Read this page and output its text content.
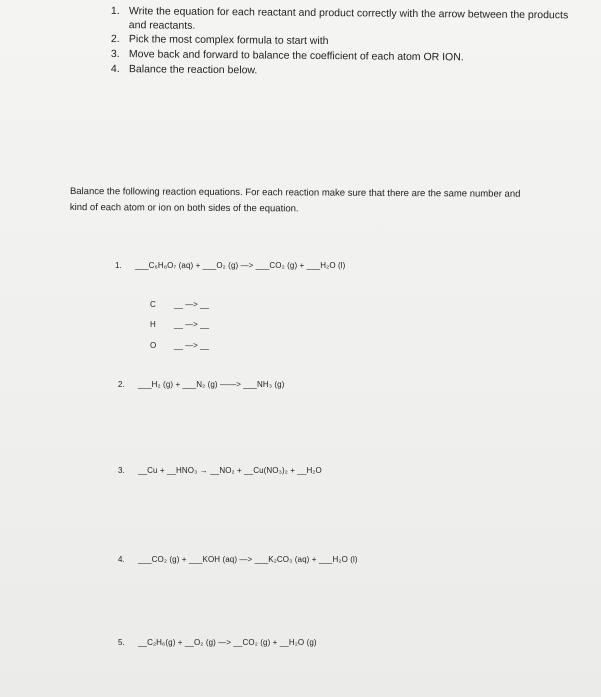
1. Write the equation for each reactant and product correctly with the arrow between the products
and reactants.
2. Pick the most complex formula to start with
3. Move back and forward to balance the coefficient of each atom OR ION.
4. Balance the reaction below.
Balance the following reaction equations. For each reaction make sure that there are the same number and
kind of each atom or ion on both sides of the equation.
1. ___C₆H₈O₇ (aq) + ___O₂ (g) —> ___CO₂ (g) + ___H₂O (l)
C __ —> __
H __ —> __
O __ —> __
2. ___H₂ (g) + ___N₂ (g) ——> ___NH₃ (g)
3. __Cu + __HNO₃ → __NO₂ + __Cu(NO₃)₂ + __H₂O
4. ___CO₂ (g) + ___KOH (aq) —> ___K₂CO₃ (aq) + ___H₂O (l)
5. __C₂H₆(g) + __O₂ (g) —> __CO₂ (g) + __H₂O (g)
